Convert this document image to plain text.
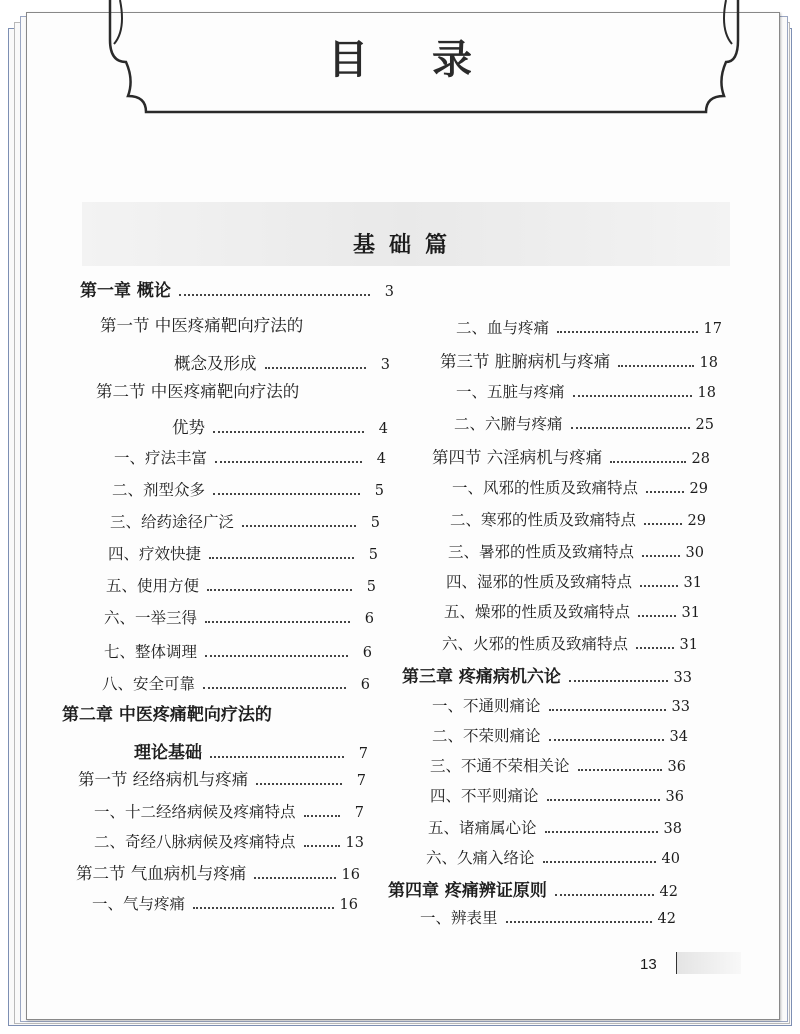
目录
基础篇
第一章 概论	3
第一节 中医疼痛靶向疗法的
概念及形成	3
第二节 中医疼痛靶向疗法的
优势	4
一、疗法丰富	4
二、剂型众多	5
三、给药途径广泛	5
四、疗效快捷	5
五、使用方便	5
六、一举三得	6
七、整体调理	6
八、安全可靠	6
第二章 中医疼痛靶向疗法的
理论基础	7
第一节 经络病机与疼痛	7
一、十二经络病候及疼痛特点	7
二、奇经八脉病候及疼痛特点	13
第二节 气血病机与疼痛	16
一、气与疼痛	16
二、血与疼痛	17
第三节 脏腑病机与疼痛	18
一、五脏与疼痛	18
二、六腑与疼痛	25
第四节 六淫病机与疼痛	28
一、风邪的性质及致痛特点	29
二、寒邪的性质及致痛特点	29
三、暑邪的性质及致痛特点	30
四、湿邪的性质及致痛特点	31
五、燥邪的性质及致痛特点	31
六、火邪的性质及致痛特点	31
第三章 疼痛病机六论	33
一、不通则痛论	33
二、不荣则痛论	34
三、不通不荣相关论	36
四、不平则痛论	36
五、诸痛属心论	38
六、久痛入络论	40
第四章 疼痛辨证原则	42
一、辨表里	42
13
